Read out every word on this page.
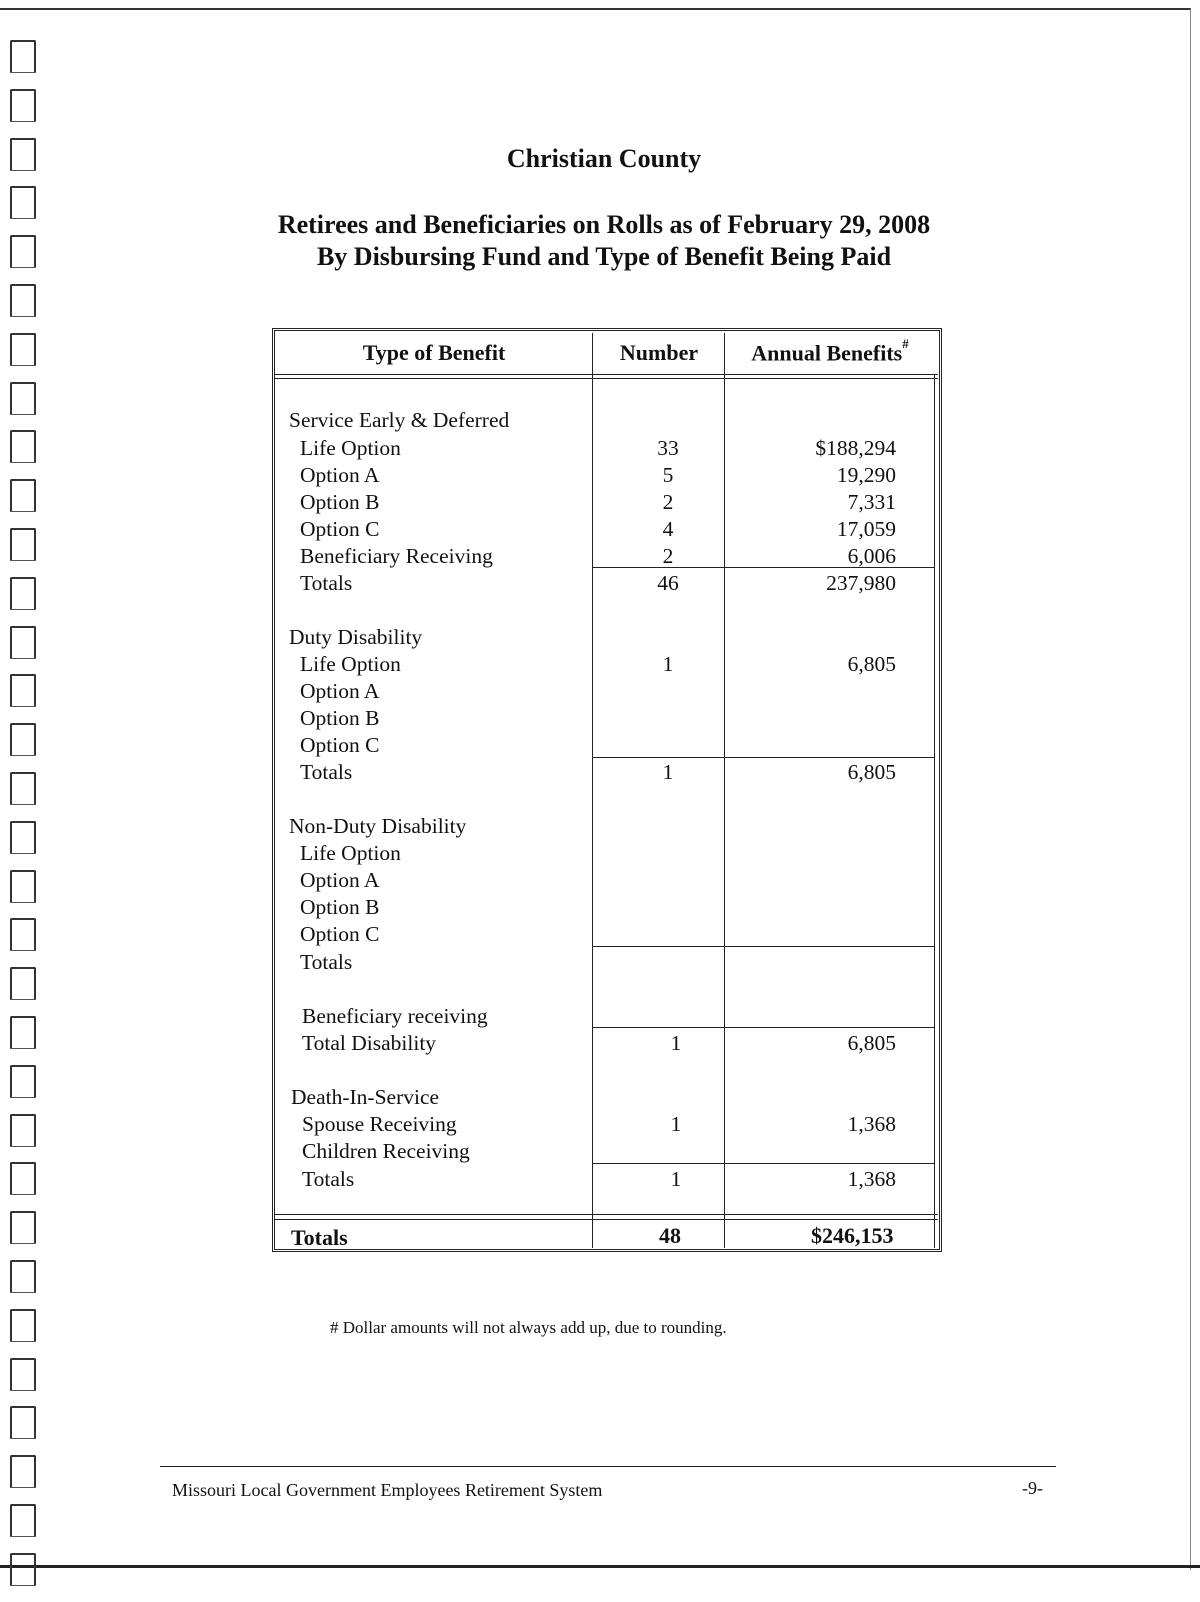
Christian County
Retirees and Beneficiaries on Rolls as of February 29, 2008
By Disbursing Fund and Type of Benefit Being Paid
Type of Benefit	Number	Annual Benefits#
Service Early & Deferred
Life Option	33	$188,294
Option A	5	19,290
Option B	2	7,331
Option C	4	17,059
Beneficiary Receiving	2	6,006
Totals	46	237,980
Duty Disability
Life Option	1	6,805
Option A
Option B
Option C
Totals	1	6,805
Non-Duty Disability
Life Option
Option A
Option B
Option C
Totals
Beneficiary receiving
Total Disability	1	6,805
Death-In-Service
Spouse Receiving	1	1,368
Children Receiving
Totals	1	1,368
Totals	48	$246,153
# Dollar amounts will not always add up, due to rounding.
Missouri Local Government Employees Retirement System	-9-
